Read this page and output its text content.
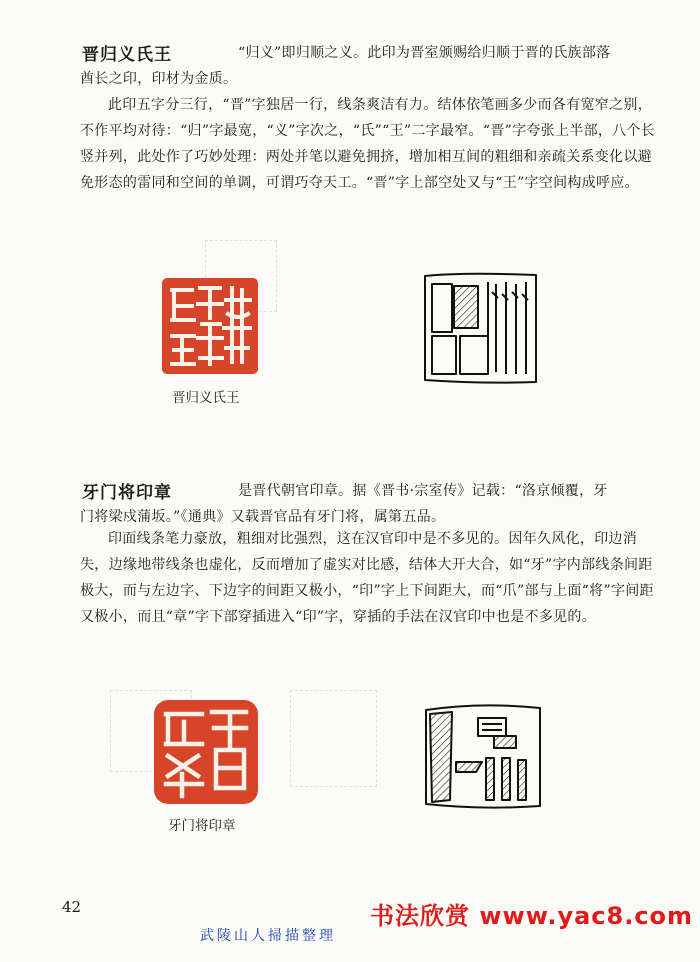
晋归义氏王	“归义”即归顺之义。此印为晋室颁赐给归顺于晋的氏族部落

酋长之印，印材为金质。

此印五字分三行，“晋”字独居一行，线条爽洁有力。结体依笔画多少而各有宽窄之别，不作平均对待：“归”字最宽，“义”字次之，“氏”“王”二字最窄。“晋”字夸张上半部，八个长竖并列，此处作了巧妙处理：两处并笔以避免拥挤，增加相互间的粗细和亲疏关系变化以避免形态的雷同和空间的单调，可谓巧夺天工。“晋”字上部空处又与“王”字空间构成呼应。

晋归义氏王
牙门将印章	是晋代朝官印章。据《晋书·宗室传》记载：“洛京倾覆，牙

门将梁戍蒲坂。”《通典》又载晋官品有牙门将，属第五品。

印面线条笔力豪放，粗细对比强烈，这在汉官印中是不多见的。因年久风化，印边消失，边缘地带线条也虚化，反而增加了虚实对比感，结体大开大合，如“牙”字内部线条间距极大，而与左边字、下边字的间距又极小，“印”字上下间距大，而“爪”部与上面“将”字间距又极小，而且“章”字下部穿插进入“印”字，穿插的手法在汉官印中也是不多见的。

牙门将印章
42	书法欣赏 www.yac8.com
武陵山人掃描整理
